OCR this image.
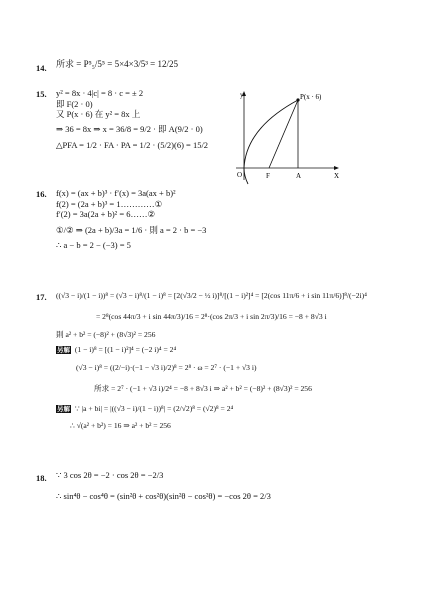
14. 所求 = P⁵₅/5⁵ = 5×4×3/5³ = 12/25
15. y² = 8x · 4|c| = 8 · c = ± 2
即 F(2 · 0)
又 P(x · 6) 在 y² = 8x 上
⇒ 36 = 8x ⇒ x = 36/8 = 9/2 · 即 A(9/2 · 0)
△PFA = 1/2 · FA · PA = 1/2 · (5/2)(6) = 15/2
y
X
O	F	A
P(x · 6)
16. f(x) = (ax + b)³ · f′(x) = 3a(ax + b)²
f(2) = (2a + b)³ = 1…………①
f′(2) = 3a(2a + b)² = 6……②
①/② ⇒ (2a + b)/3a = 1/6 · 則 a = 2 · b = −3
∴ a − b = 2 − (−3) = 5
17. ((√3 − i)/(1 − i))⁸ = (√3 − i)⁸/(1 − i)⁸ = [2(√3/2 − ½ i)]⁸/[(1 − i)²]⁴ = [2(cos 11π/6 + i sin 11π/6)]⁸/(−2i)⁴
= 2⁸(cos 44π/3 + i sin 44π/3)/16 = 2⁸·(cos 2π/3 + i sin 2π/3)/16 = −8 + 8√3 i
則 a² + b² = (−8)² + (8√3)² = 256
另解 (1 − i)⁸ = [(1 − i)²]⁴ = (−2 i)⁴ = 2⁴
(√3 − i)⁸ = ((2/−i)·(−1 − √3 i)/2)⁸ = 2⁸ · ω = 2⁷ · (−1 + √3 i)
所求 = 2⁷ · (−1 + √3 i)/2⁴ = −8 + 8√3 i ⇒ a² + b² = (−8)² + (8√3)² = 256
另解 ∵ |a + bi| = |((√3 − i)/(1 − i))⁸| = (2/√2)⁸ = (√2)⁸ = 2⁴
∴ √(a² + b²) = 16 ⇒ a² + b² = 256
18. ∵ 3 cos 2θ = −2 · cos 2θ = −2/3
∴ sin⁴θ − cos⁴θ = (sin²θ + cos²θ)(sin²θ − cos²θ) = −cos 2θ = 2/3
